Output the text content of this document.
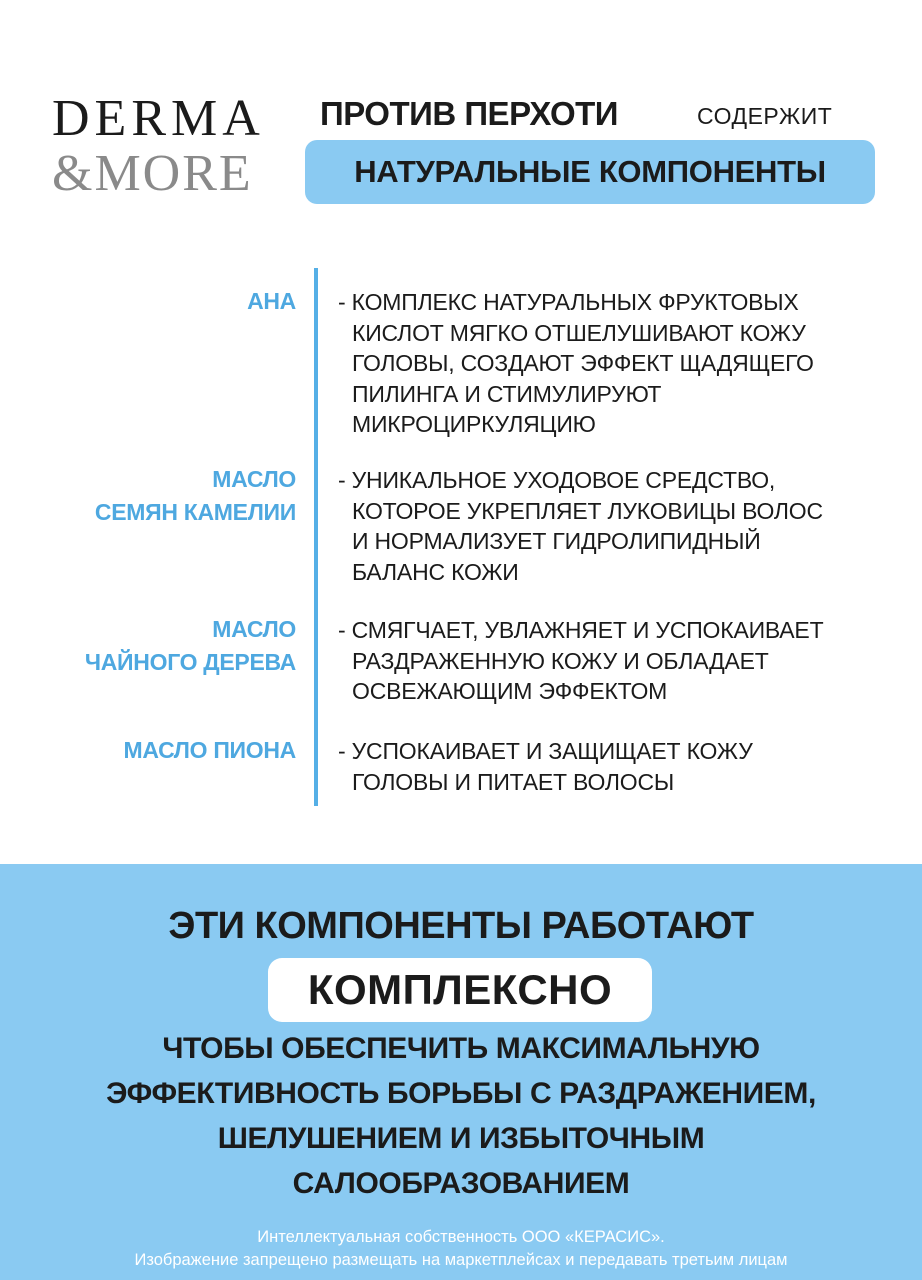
DERMA
&MORE
ПРОТИВ ПЕРХОТИ	СОДЕРЖИТ
НАТУРАЛЬНЫЕ КОМПОНЕНТЫ
AHA - КОМПЛЕКС НАТУРАЛЬНЫХ ФРУКТОВЫХ
КИСЛОТ МЯГКО ОТШЕЛУШИВАЮТ КОЖУ
ГОЛОВЫ, СОЗДАЮТ ЭФФЕКТ ЩАДЯЩЕГО
ПИЛИНГА И СТИМУЛИРУЮТ
МИКРОЦИРКУЛЯЦИЮ
МАСЛО
СЕМЯН КАМЕЛИИ
- УНИКАЛЬНОЕ УХОДОВОЕ СРЕДСТВО,
КОТОРОЕ УКРЕПЛЯЕТ ЛУКОВИЦЫ ВОЛОС
И НОРМАЛИЗУЕТ ГИДРОЛИПИДНЫЙ
БАЛАНС КОЖИ
МАСЛО
ЧАЙНОГО ДЕРЕВА
- СМЯГЧАЕТ, УВЛАЖНЯЕТ И УСПОКАИВАЕТ
РАЗДРАЖЕННУЮ КОЖУ И ОБЛАДАЕТ
ОСВЕЖАЮЩИМ ЭФФЕКТОМ
МАСЛО ПИОНА - УСПОКАИВАЕТ И ЗАЩИЩАЕТ КОЖУ
ГОЛОВЫ И ПИТАЕТ ВОЛОСЫ
ЭТИ КОМПОНЕНТЫ РАБОТАЮТ
КОМПЛЕКСНО
ЧТОБЫ ОБЕСПЕЧИТЬ МАКСИМАЛЬНУЮ
ЭФФЕКТИВНОСТЬ БОРЬБЫ С РАЗДРАЖЕНИЕМ,
ШЕЛУШЕНИЕМ И ИЗБЫТОЧНЫМ
САЛООБРАЗОВАНИЕМ
Интеллектуальная собственность ООО «КЕРАСИС».
Изображение запрещено размещать на маркетплейсах и передавать третьим лицам
